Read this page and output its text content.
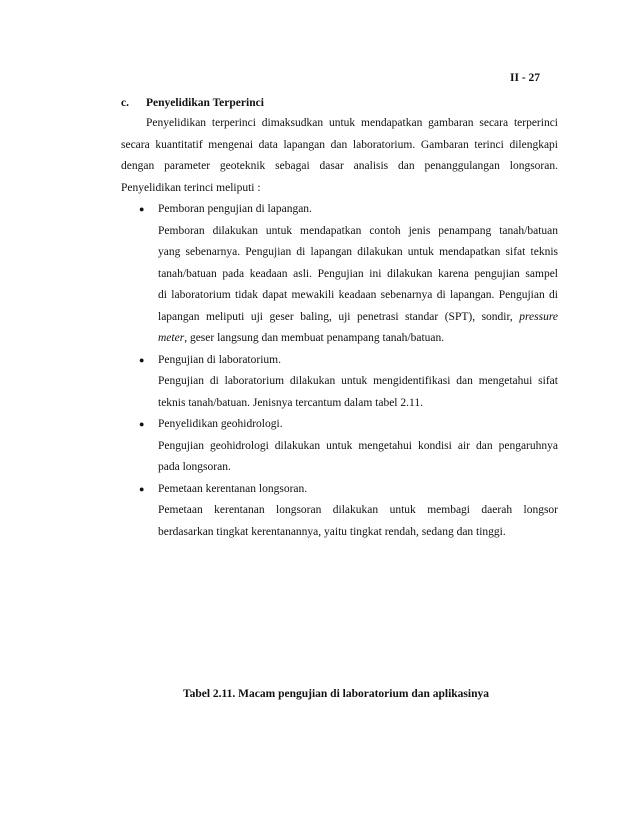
II - 27
c. Penyelidikan Terperinci
Penyelidikan terperinci dimaksudkan untuk mendapatkan gambaran secara terperinci
secara kuantitatif mengenai data lapangan dan laboratorium. Gambaran terinci dilengkapi
dengan parameter geoteknik sebagai dasar analisis dan penanggulangan longsoran.
Penyelidikan terinci meliputi :
● Pemboran pengujian di lapangan.
Pemboran dilakukan untuk mendapatkan contoh jenis penampang tanah/batuan
yang sebenarnya. Pengujian di lapangan dilakukan untuk mendapatkan sifat teknis
tanah/batuan pada keadaan asli. Pengujian ini dilakukan karena pengujian sampel
di laboratorium tidak dapat mewakili keadaan sebenarnya di lapangan. Pengujian di
lapangan meliputi uji geser baling, uji penetrasi standar (SPT), sondir, pressure
meter, geser langsung dan membuat penampang tanah/batuan.
● Pengujian di laboratorium.
Pengujian di laboratorium dilakukan untuk mengidentifikasi dan mengetahui sifat
teknis tanah/batuan. Jenisnya tercantum dalam tabel 2.11.
● Penyelidikan geohidrologi.
Pengujian geohidrologi dilakukan untuk mengetahui kondisi air dan pengaruhnya
pada longsoran.
● Pemetaan kerentanan longsoran.
Pemetaan kerentanan longsoran dilakukan untuk membagi daerah longsor
berdasarkan tingkat kerentanannya, yaitu tingkat rendah, sedang dan tinggi.
Tabel 2.11. Macam pengujian di laboratorium dan aplikasinya
